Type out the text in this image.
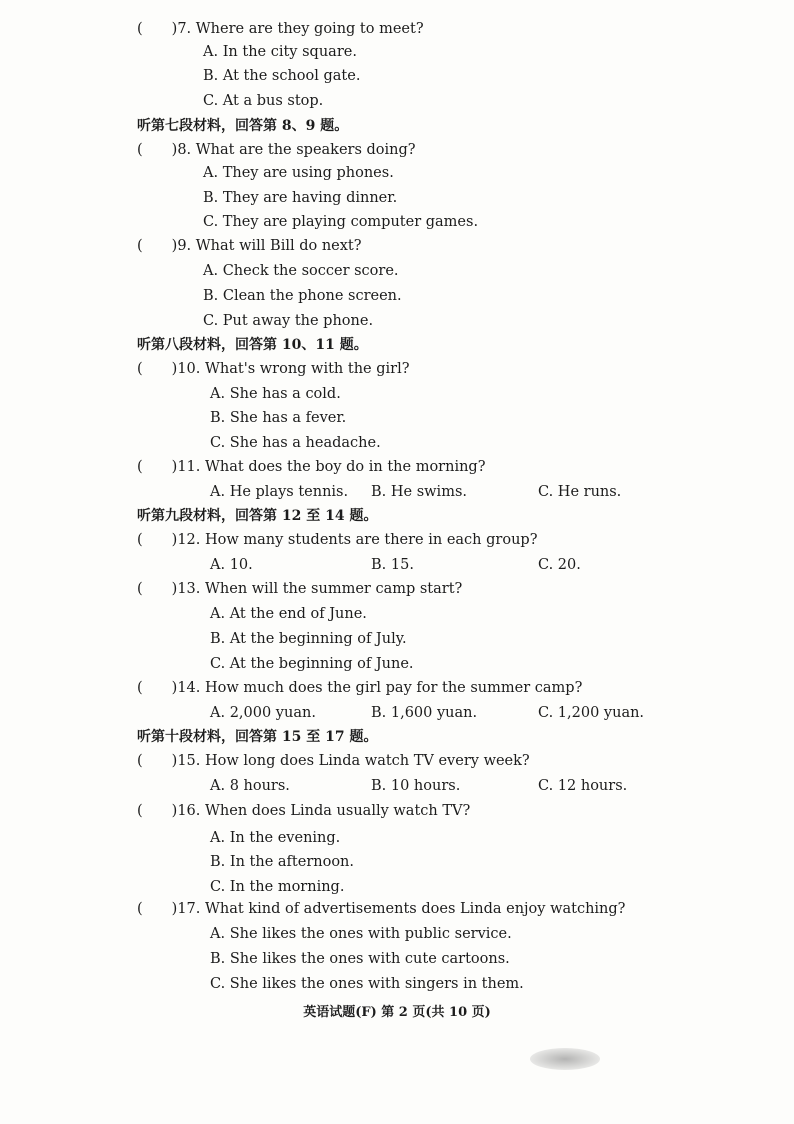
(　　)7. Where are they going to meet?
A. In the city square.
B. At the school gate.
C. At a bus stop.
听第七段材料，回答第 8、9 题。
(　　)8. What are the speakers doing?
A. They are using phones.
B. They are having dinner.
C. They are playing computer games.
(　　)9. What will Bill do next?
A. Check the soccer score.
B. Clean the phone screen.
C. Put away the phone.
听第八段材料，回答第 10、11 题。
(　　)10. What's wrong with the girl?
A. She has a cold.
B. She has a fever.
C. She has a headache.
(　　)11. What does the boy do in the morning?
A. He plays tennis. B. He swims.	C. He runs.
听第九段材料，回答第 12 至 14 题。
(　　)12. How many students are there in each group?
A. 10.	B. 15.	C. 20.
(　　)13. When will the summer camp start?
A. At the end of June.
B. At the beginning of July.
C. At the beginning of June.
(　　)14. How much does the girl pay for the summer camp?
A. 2,000 yuan.	B. 1,600 yuan.	C. 1,200 yuan.
听第十段材料，回答第 15 至 17 题。
(　　)15. How long does Linda watch TV every week?
A. 8 hours.	B. 10 hours.	C. 12 hours.
(　　)16. When does Linda usually watch TV?
A. In the evening.
B. In the afternoon.
C. In the morning.
(　　)17. What kind of advertisements does Linda enjoy watching?
A. She likes the ones with public service.
B. She likes the ones with cute cartoons.
C. She likes the ones with singers in them.
英语试题(F) 第 2 页(共 10 页)
